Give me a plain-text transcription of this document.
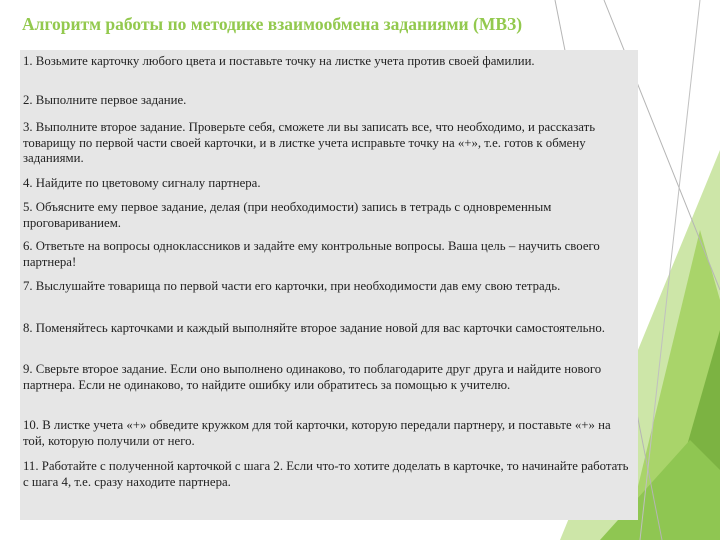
Алгоритм работы по методике взаимообмена заданиями (МВЗ)
1. Возьмите карточку любого цвета и поставьте точку на листке учета против своей фамилии.
2. Выполните первое задание.
3. Выполните второе задание. Проверьте себя, сможете ли вы записать все, что необходимо, и рассказать товарищу по первой части своей карточки, и в листке учета исправьте точку на «+», т.е. готов к обмену заданиями.
4. Найдите по цветовому сигналу партнера.
5. Объясните ему первое задание, делая (при необходимости) запись в тетрадь с одновременным проговариванием.
6. Ответьте на вопросы одноклассников и задайте ему контрольные вопросы. Ваша цель – научить своего партнера!
7. Выслушайте товарища по первой части его карточки, при необходимости дав ему свою тетрадь.
8. Поменяйтесь карточками и каждый выполняйте второе задание новой для вас карточки самостоятельно.
9. Сверьте второе задание. Если оно выполнено одинаково, то поблагодарите друг друга и найдите нового партнера. Если не одинаково, то найдите ошибку или обратитесь за помощью к учителю.
10. В листке учета «+» обведите кружком для той карточки, которую передали партнеру, и поставьте «+» на той, которую получили от него.
11. Работайте с полученной карточкой с шага 2. Если что-то хотите доделать в карточке, то начинайте работать с шага 4, т.е. сразу находите партнера.
